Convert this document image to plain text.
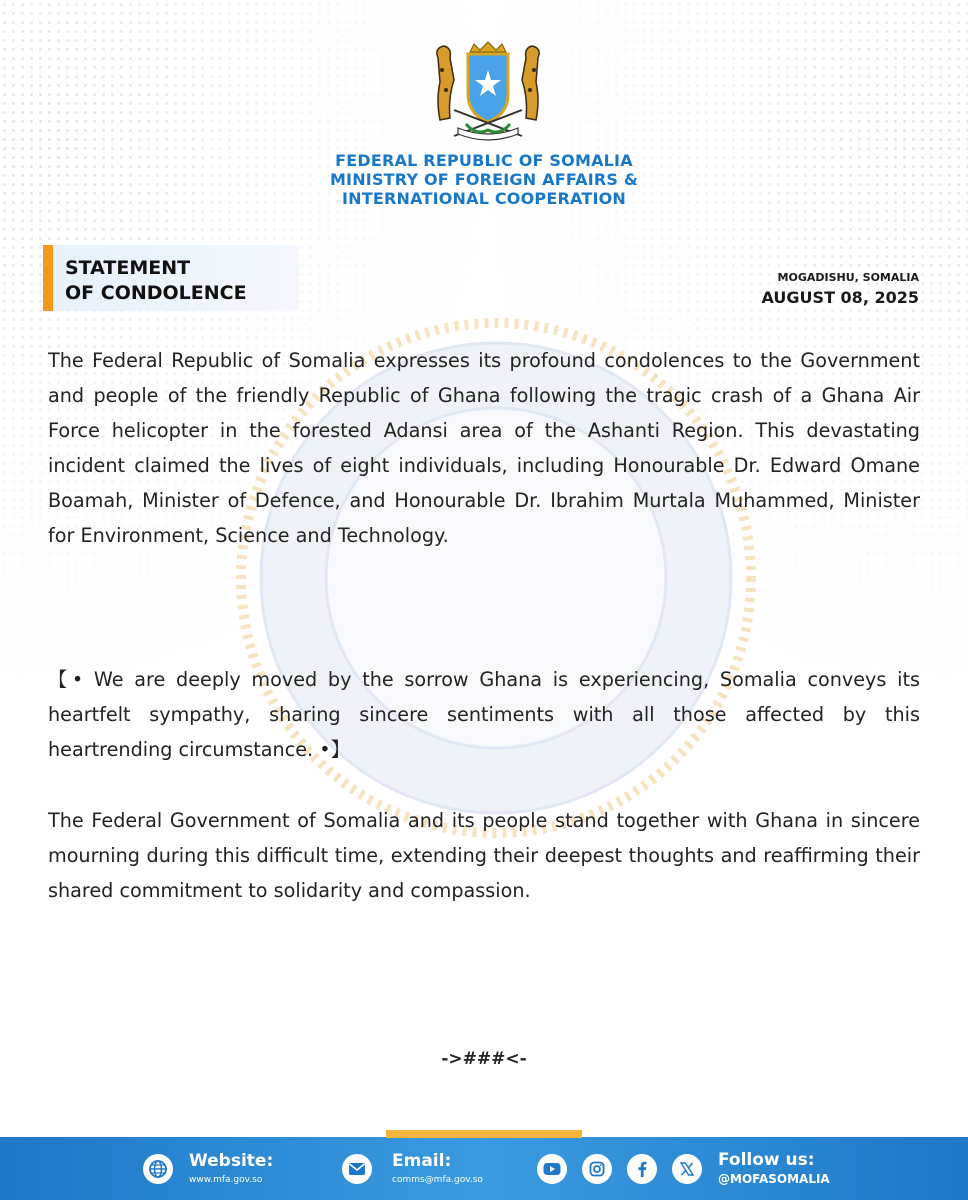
FEDERAL REPUBLIC OF SOMALIA
MINISTRY OF FOREIGN AFFAIRS &
INTERNATIONAL COOPERATION
STATEMENT
OF CONDOLENCE
MOGADISHU, SOMALIA
AUGUST 08, 2025
The Federal Republic of Somalia expresses its profound condolences to the Government and people of the friendly Republic of Ghana following the tragic crash of a Ghana Air Force helicopter in the forested Adansi area of the Ashanti Region. This devastating incident claimed the lives of eight individuals, including Honourable Dr. Edward Omane Boamah, Minister of Defence, and Honourable Dr. Ibrahim Murtala Muhammed, Minister for Environment, Science and Technology.
【• We are deeply moved by the sorrow Ghana is experiencing, Somalia conveys its heartfelt sympathy, sharing sincere sentiments with all those affected by this heartrending circumstance. •】
The Federal Government of Somalia and its people stand together with Ghana in sincere mourning during this difficult time, extending their deepest thoughts and reaffirming their shared commitment to solidarity and compassion.
->###<-
Website:
www.mfa.gov.so
Email:
comms@mfa.gov.so
Follow us:
@MOFASOMALIA
